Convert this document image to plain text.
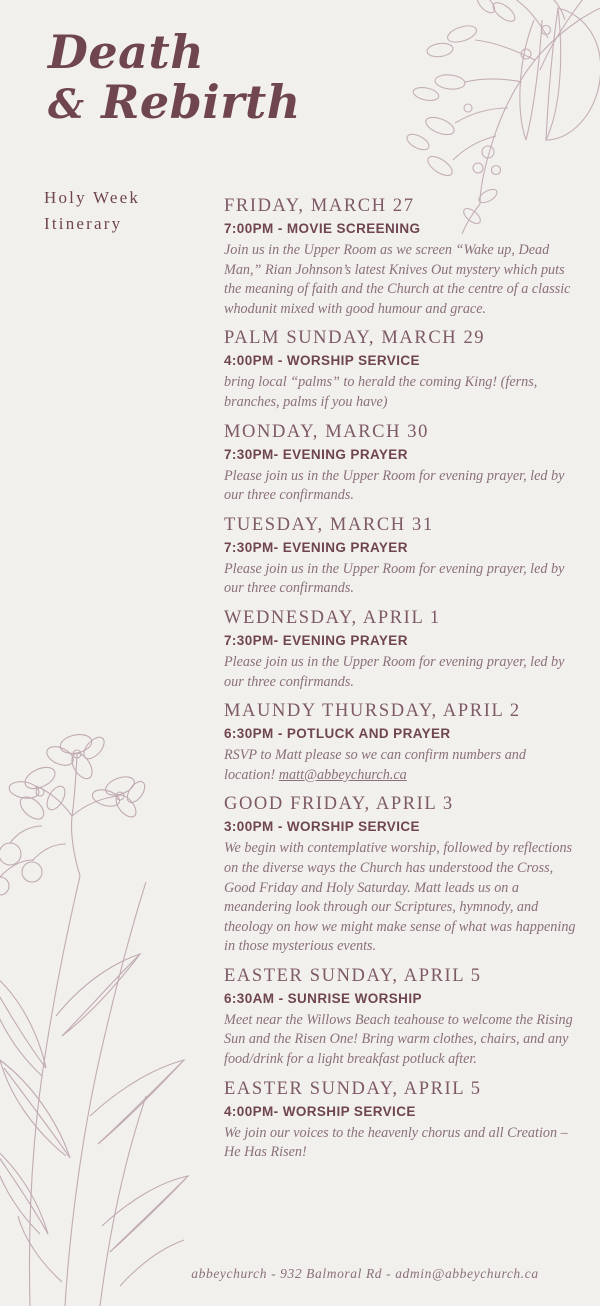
Death
& Rebirth
Holy Week
Itinerary
FRIDAY, MARCH 27
7:00PM - MOVIE SCREENING
Join us in the Upper Room as we screen “Wake up, Dead Man,” Rian Johnson’s latest Knives Out mystery which puts the meaning of faith and the Church at the centre of a classic whodunit mixed with good humour and grace.
PALM SUNDAY, MARCH 29
4:00PM - WORSHIP SERVICE
bring local “palms” to herald the coming King! (ferns, branches, palms if you have)
MONDAY, MARCH 30
7:30PM- EVENING PRAYER
Please join us in the Upper Room for evening prayer, led by our three confirmands.
TUESDAY, MARCH 31
7:30PM- EVENING PRAYER
Please join us in the Upper Room for evening prayer, led by our three confirmands.
WEDNESDAY, APRIL 1
7:30PM- EVENING PRAYER
Please join us in the Upper Room for evening prayer, led by our three confirmands.
MAUNDY THURSDAY, APRIL 2
6:30PM - POTLUCK AND PRAYER
RSVP to Matt please so we can confirm numbers and location! matt@abbeychurch.ca
GOOD FRIDAY, APRIL 3
3:00PM - WORSHIP SERVICE
We begin with contemplative worship, followed by reflections on the diverse ways the Church has understood the Cross, Good Friday and Holy Saturday. Matt leads us on a meandering look through our Scriptures, hymnody, and theology on how we might make sense of what was happening in those mysterious events.
EASTER SUNDAY, APRIL 5
6:30AM - SUNRISE WORSHIP
Meet near the Willows Beach teahouse to welcome the Rising Sun and the Risen One! Bring warm clothes, chairs, and any food/drink for a light breakfast potluck after.
EASTER SUNDAY, APRIL 5
4:00PM- WORSHIP SERVICE
We join our voices to the heavenly chorus and all Creation – He Has Risen!
abbeychurch - 932 Balmoral Rd - admin@abbeychurch.ca
